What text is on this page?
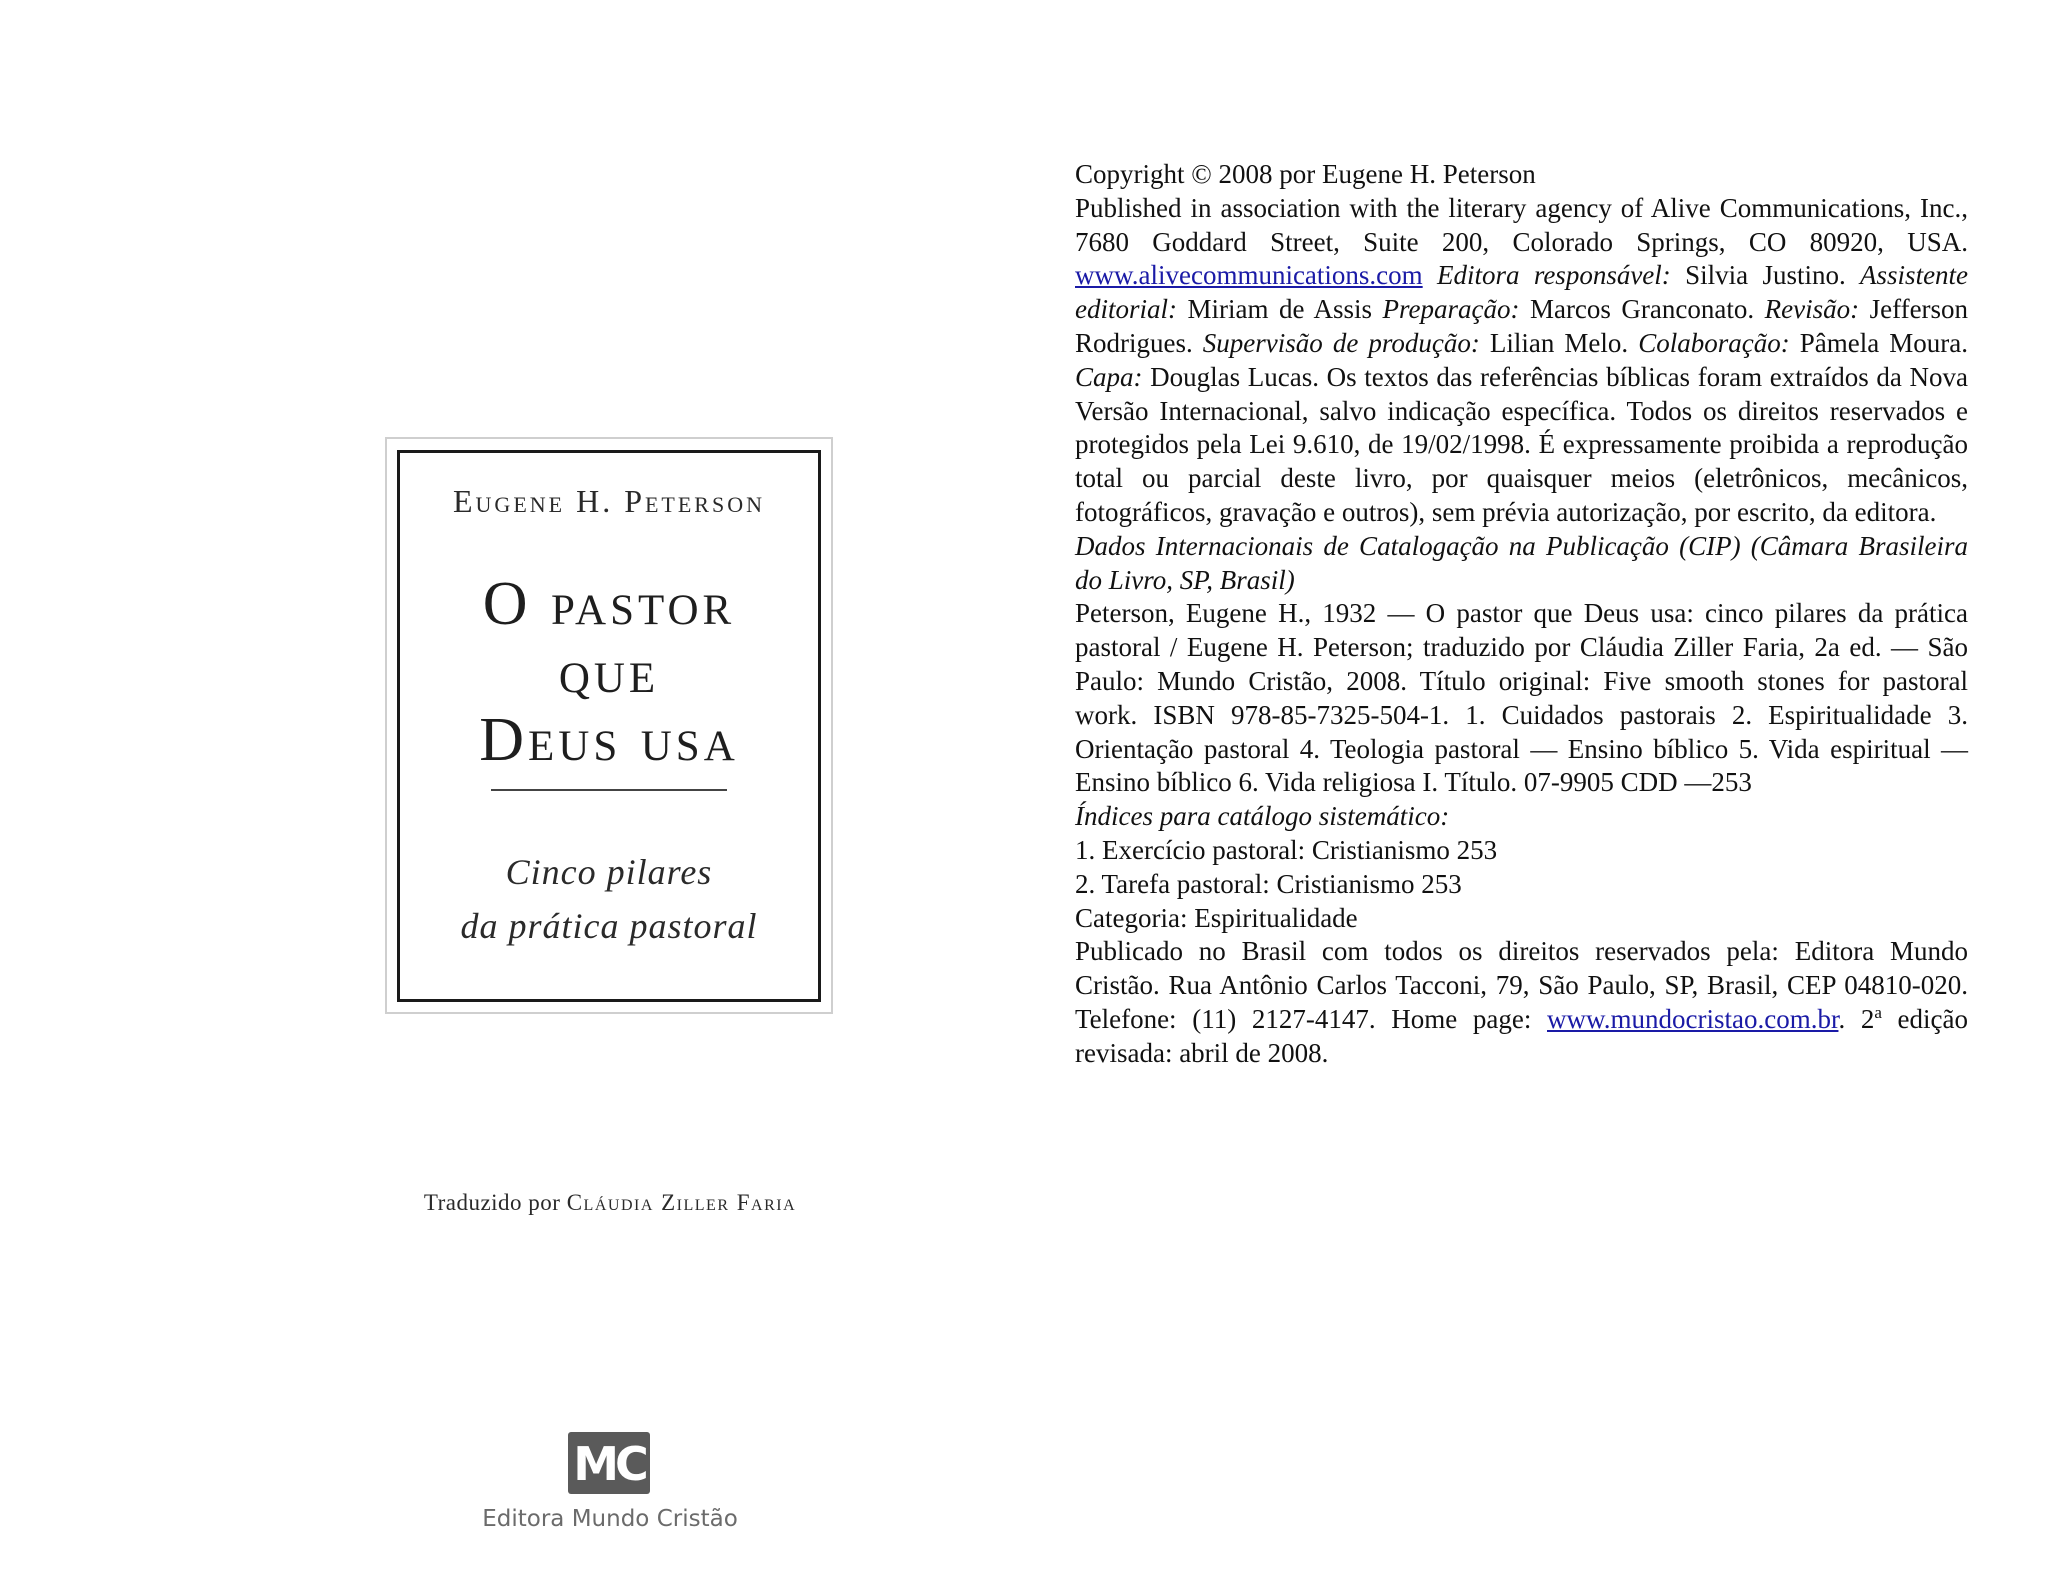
Eugene H. Peterson
O pastor
que
Deus usa
Cinco pilares
da prática pastoral
Traduzido por Cláudia Ziller Faria
MC
Editora Mundo Cristão
Copyright © 2008 por Eugene H. Peterson

Published in association with the literary agency of Alive Communications, Inc., 7680 Goddard Street, Suite 200, Colorado Springs, CO 80920, USA. www.alivecommunications.com Editora responsável: Silvia Justino. Assistente editorial: Miriam de Assis Preparação: Marcos Granconato. Revisão: Jefferson Rodrigues. Supervisão de produção: Lilian Melo. Colaboração: Pâmela Moura. Capa: Douglas Lucas. Os textos das referências bíblicas foram extraídos da Nova Versão Internacional, salvo indicação específica. Todos os direitos reservados e protegidos pela Lei 9.610, de 19/02/1998. É expressamente proibida a reprodução total ou parcial deste livro, por quaisquer meios (eletrônicos, mecânicos, fotográficos, gravação e outros), sem prévia autorização, por escrito, da editora.

Dados Internacionais de Catalogação na Publicação (CIP) (Câmara Brasileira do Livro, SP, Brasil)

Peterson, Eugene H., 1932 — O pastor que Deus usa: cinco pilares da prática pastoral / Eugene H. Peterson; traduzido por Cláudia Ziller Faria, 2a ed. — São Paulo: Mundo Cristão, 2008. Título original: Five smooth stones for pastoral work. ISBN 978-85-7325-504-1. 1. Cuidados pastorais 2. Espiritualidade 3. Orientação pastoral 4. Teologia pastoral — Ensino bíblico 5. Vida espiritual — Ensino bíblico 6. Vida religiosa I. Título. 07-9905 CDD —253

Índices para catálogo sistemático:
1. Exercício pastoral: Cristianismo 253
2. Tarefa pastoral: Cristianismo 253
Categoria: Espiritualidade

Publicado no Brasil com todos os direitos reservados pela: Editora Mundo Cristão. Rua Antônio Carlos Tacconi, 79, São Paulo, SP, Brasil, CEP 04810-020. Telefone: (11) 2127-4147. Home page: www.mundocristao.com.br. 2$^a$ edição revisada: abril de 2008.
